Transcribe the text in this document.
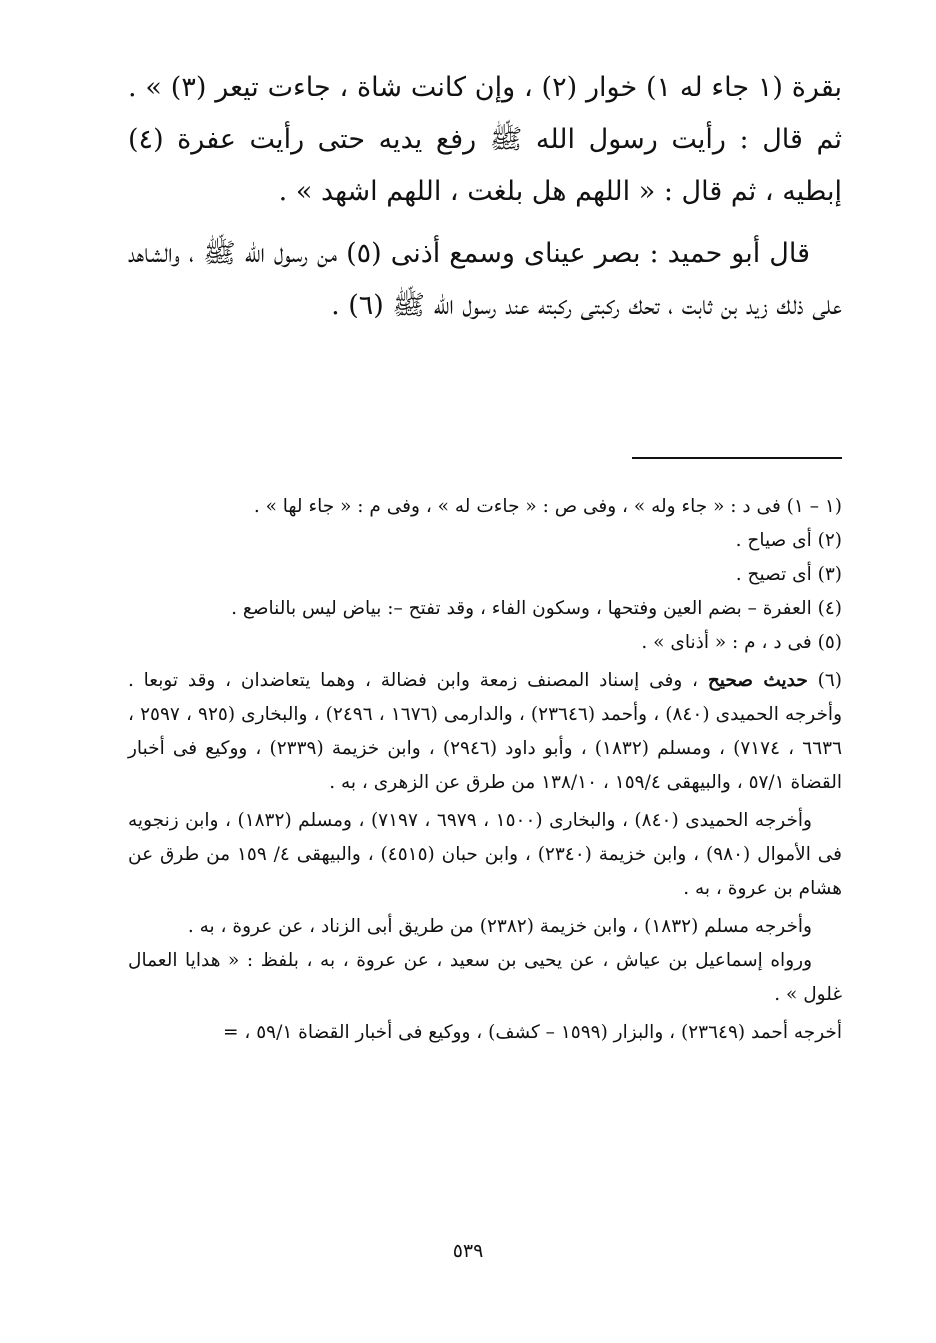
بقرة (١ جاء له ١) خوار (٢) ، وإن كانت شاة ، جاءت تيعر (٣) » . ثم قال : رأيت رسول الله ﷺ رفع يديه حتى رأيت عفرة (٤) إبطيه ، ثم قال : « اللهم هل بلغت ، اللهم اشهد » .

قال أبو حميد : بصر عيناى وسمع أذنى (٥) من رسول الله ﷺ ، والشاهد على ذلك زيد بن ثابت ، تحك ركبتى ركبته عند رسول الله ﷺ (٦) .

(١ – ١) فى د : « جاء وله » ، وفى ص : « جاءت له » ، وفى م : « جاء لها » .

(٢) أى صياح .

(٣) أى تصيح .

(٤) العفرة – بضم العين وفتحها ، وسكون الفاء ، وقد تفتح –: بياض ليس بالناصع .

(٥) فى د ، م : « أذناى » .

(٦) حديث صحيح ، وفى إسناد المصنف زمعة وابن فضالة ، وهما يتعاضدان ، وقد توبعا . وأخرجه الحميدى (٨٤٠) ، وأحمد (٢٣٦٤٦) ، والدارمى (١٦٧٦ ، ٢٤٩٦) ، والبخارى (٩٢٥ ، ٢٥٩٧ ، ٦٦٣٦ ، ٧١٧٤) ، ومسلم (١٨٣٢) ، وأبو داود (٢٩٤٦) ، وابن خزيمة (٢٣٣٩) ، ووكيع فى أخبار القضاة ٥٧/١ ، والبيهقى ١٥٩/٤ ، ١٣٨/١٠ من طرق عن الزهرى ، به .

وأخرجه الحميدى (٨٤٠) ، والبخارى (١٥٠٠ ، ٦٩٧٩ ، ٧١٩٧) ، ومسلم (١٨٣٢) ، وابن زنجويه فى الأموال (٩٨٠) ، وابن خزيمة (٢٣٤٠) ، وابن حبان (٤٥١٥) ، والبيهقى ٤/ ١٥٩ من طرق عن هشام بن عروة ، به .

وأخرجه مسلم (١٨٣٢) ، وابن خزيمة (٢٣٨٢) من طريق أبى الزناد ، عن عروة ، به .

ورواه إسماعيل بن عياش ، عن يحيى بن سعيد ، عن عروة ، به ، بلفظ : « هدايا العمال غلول » .

أخرجه أحمد (٢٣٦٤٩) ، والبزار (١٥٩٩ – كشف) ، ووكيع فى أخبار القضاة ٥٩/١ ، =

٥٣٩
